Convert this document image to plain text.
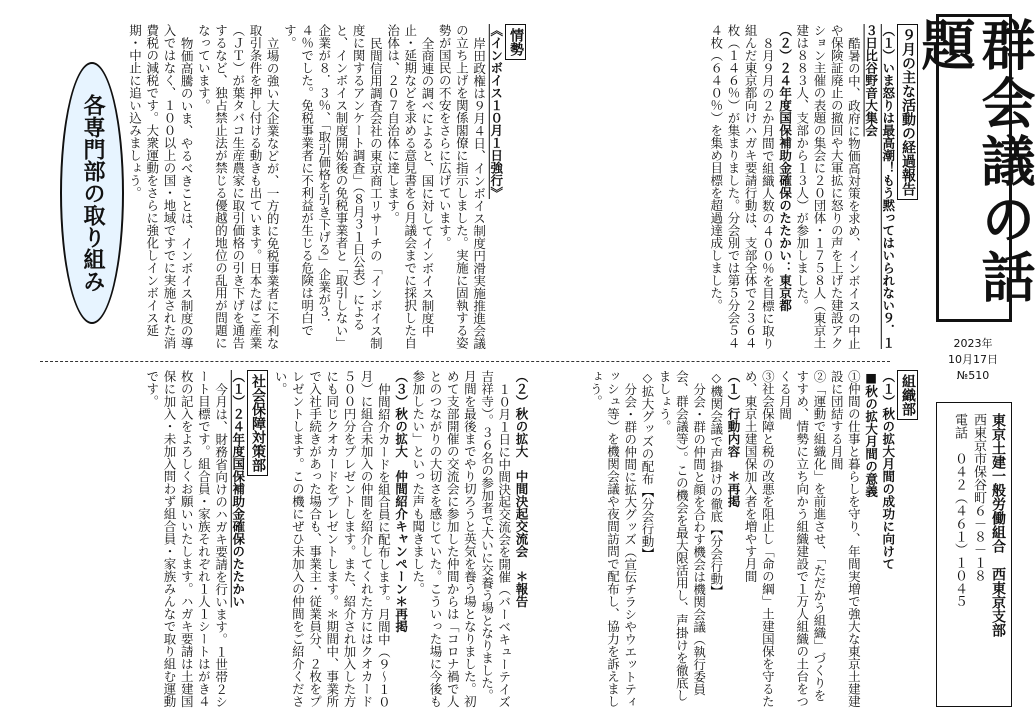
群会議の話題
2023年
10月17日
№510
東京土建一般労働組合　西東京支部
西東京市保谷町６－８－１８
電話　０４２（４６１）１０４５

９月の主な活動の経過報告

（１）いま怒りは最高潮！もう黙ってはいられない９．１３日比谷野音大集会

酷暑の中、政府に物価高対策を求め、インボイスの中止や保険証廃止の撤回や大軍拡に怒りの声を上げた建設アクション主催の表題の集会に２０団体・１７５８人（東京土建は８８３人、支部から１３人）が参加しました。

（２）２４年度国保補助金確保のたたかい：東京都

８月９月の２か月間で組織人数の４００％を目標に取り組んだ東京都向けハガキ要請行動は、支部全体で２３６４枚（１４６％）が集まりました。分会別では第５分会５４４枚（６４０％）を集め目標を超過達成しました。

情勢

《インボイス１０月１日強行》

岸田政権は９月４日、インボイス制度円滑実施推進会議の立ち上げを関係閣僚に指示しました。実施に固執する姿勢が国民の不安をさらに広げています。

全商連の調べによると、国に対してインボイス制度中止・延期などを求める意見書を６月議会までに採択した自治体は、２０７自治体に達します。

民間信用調査会社の東京商工リサーチの「インボイス制度に関するアンケート調査」（８月３１日公表）によると、インボイス制度開始後の免税事業者と「取引しない」企業が８．３％、「取引価格を引き下げる」企業が３．４％でした。免税事業者に不利益が生じる危険は明白です。

立場の強い大企業などが、一方的に免税事業者に不利な取引条件を押し付ける動きも出ています。日本たばこ産業（ＪＴ）が葉タバコ生産農家に取引価格の引き下げを通告するなど、独占禁止法が禁じる優越的地位の乱用が問題になっています。

物価高騰のいま、やるべきことは、インボイス制度の導入ではなく、１００以上の国・地域ですでに実施された消費税の減税です。大衆運動をさらに強化しインボイス延期・中止に追い込みましょう。

各専門部の取り組み

組織部

（１）秋の拡大月間の成功に向けて

■秋の拡大月間の意義

①仲間の仕事と暮らしを守り、年間実増で強大な東京土建建設に団結する月間

②「運動で組織化」を前進させ、「ただかう組織」づくりをすすめ、情勢に立ち向かう組織建設で１万人組織の土台をつくる月間

③社会保障と税の改悪を阻止し「命の綱」土建国保を守るため、東京土建国保加入者を増やす月間

（１）行動内容　＊再掲

◇機関会議で声掛けの徹底【分会行動】

分会・群の仲間と顔を合わす機会は機関会議（執行委員会、群会議等）。この機会を最大限活用し、声掛けを徹底しましょう。

◇拡大グッズの配布【分会行動】

分会・群の仲間に拡大グッズ（宣伝チラシやウエットティッシュ等）を機関会議や夜間訪問で配布し、協力を訴えましょう。

（２）秋の拡大　中間決起交流会　＊報告

１０月１日に中間決起交流会を開催（バーベキューテイズ吉祥寺）。３６名の参加者で大いに交養う場となりました。月間を最後までやり切ろうと英気を養う場となりました。初めて支部開催の交流会に参加した仲間からは「コロナ禍で人とのつながりの大切さを感じていた。こういった場に今後も参加したい」といった声も聞きました。

（３）秋の拡大　仲間紹介キャンペーン＊再掲

仲間紹介カードを組合員に配布します。月間中（９～１０月）に組合未加入の仲間を紹介してくれた方にはクオカード５００円分をプレゼントします。また、紹介され加入した方にも同じクオカードをプレゼントします。＊期間中、事業所で入社手続きがあった場合も、事業主・従業員分、２枚をプレゼントします。この機にぜひ未加入の仲間をご紹介ください。

社会保障対策部

（１）２４年度国保補助金確保のたたかい

今月は、財務省向けのハガキ要請を行います。１世帯２シート目標です。組合員・家族それぞれ１人１シートはがき４枚の記入をよろしくお願いいたします。ハガキ要請は土建国保に加入・未加入問わず組合員・家族みんなで取り組む運動です。
